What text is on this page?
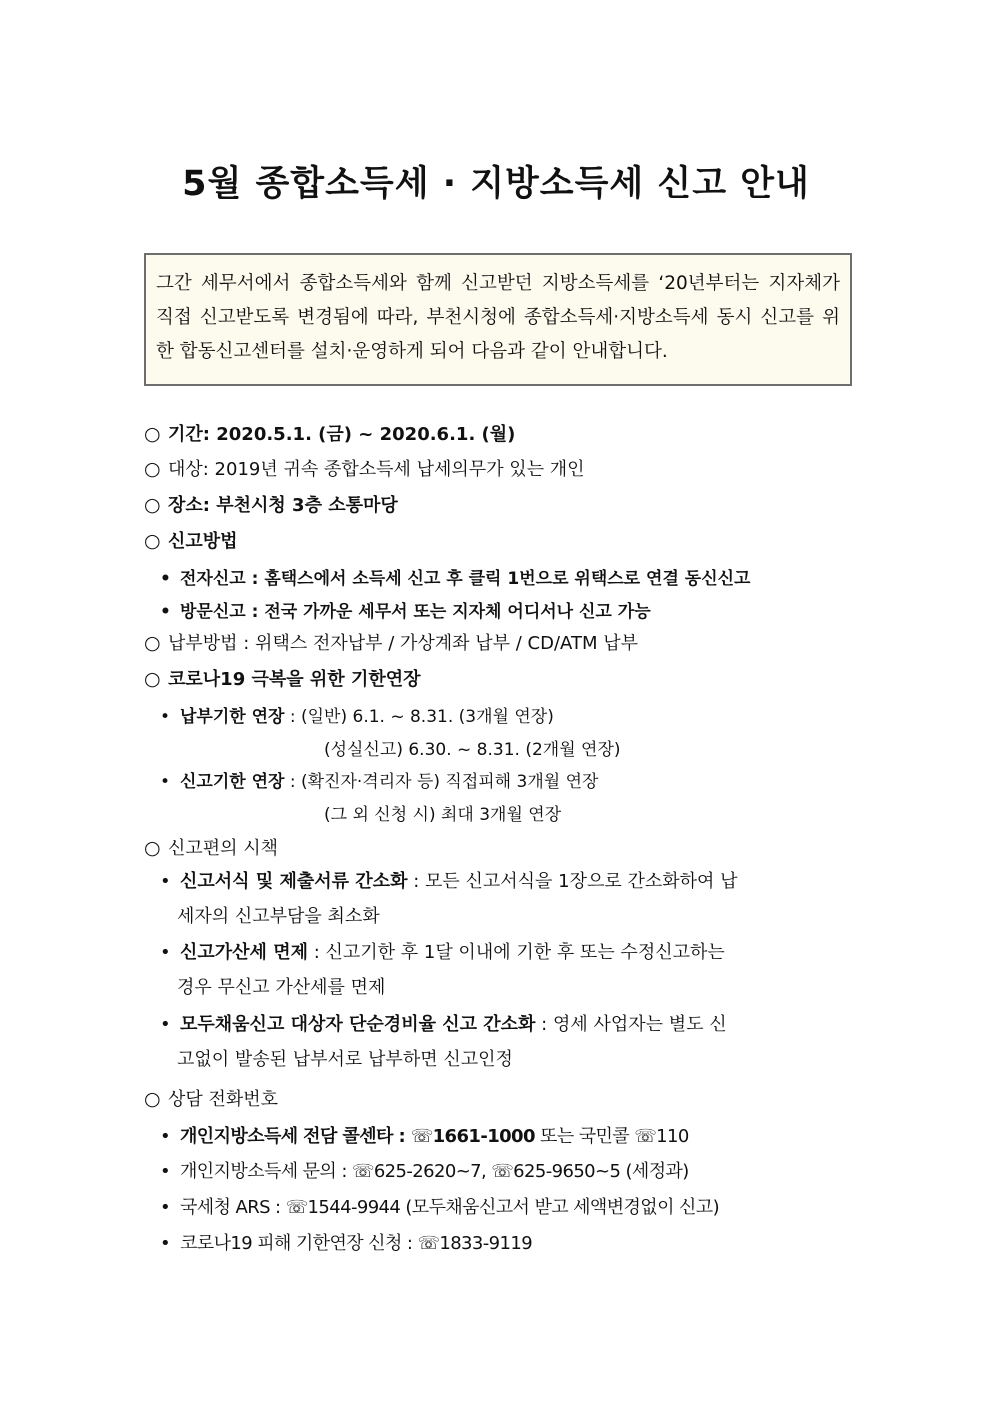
5월 종합소득세 · 지방소득세 신고 안내

그간 세무서에서 종합소득세와 함께 신고받던 지방소득세를 ‘20년부터는 지자체가 직접 신고받도록 변경됨에 따라, 부천시청에 종합소득세·지방소득세 동시 신고를 위한 합동신고센터를 설치·운영하게 되어 다음과 같이 안내합니다.

○ 기간: 2020.5.1. (금) ~ 2020.6.1. (월)
○ 대상: 2019년 귀속 종합소득세 납세의무가 있는 개인
○ 장소: 부천시청 3층 소통마당
○ 신고방법
• 전자신고 : 홈택스에서 소득세 신고 후 클릭 1번으로 위택스로 연결 동신신고
• 방문신고 : 전국 가까운 세무서 또는 지자체 어디서나 신고 가능
○ 납부방법 : 위택스 전자납부 / 가상계좌 납부 / CD/ATM 납부
○ 코로나19 극복을 위한 기한연장
• 납부기한 연장 : (일반) 6.1. ~ 8.31. (3개월 연장)
(성실신고) 6.30. ~ 8.31. (2개월 연장)
• 신고기한 연장 : (확진자·격리자 등) 직접피해 3개월 연장
(그 외 신청 시) 최대 3개월 연장
○ 신고편의 시책
• 신고서식 및 제출서류 간소화 : 모든 신고서식을 1장으로 간소화하여 납
세자의 신고부담을 최소화
• 신고가산세 면제 : 신고기한 후 1달 이내에 기한 후 또는 수정신고하는
경우 무신고 가산세를 면제
• 모두채움신고 대상자 단순경비율 신고 간소화 : 영세 사업자는 별도 신
고없이 발송된 납부서로 납부하면 신고인정
○ 상담 전화번호
• 개인지방소득세 전담 콜센타 : ☏1661-1000 또는 국민콜 ☏110
• 개인지방소득세 문의 : ☏625-2620~7, ☏625-9650~5 (세정과)
• 국세청 ARS : ☏1544-9944 (모두채움신고서 받고 세액변경없이 신고)
• 코로나19 피해 기한연장 신청 : ☏1833-9119
